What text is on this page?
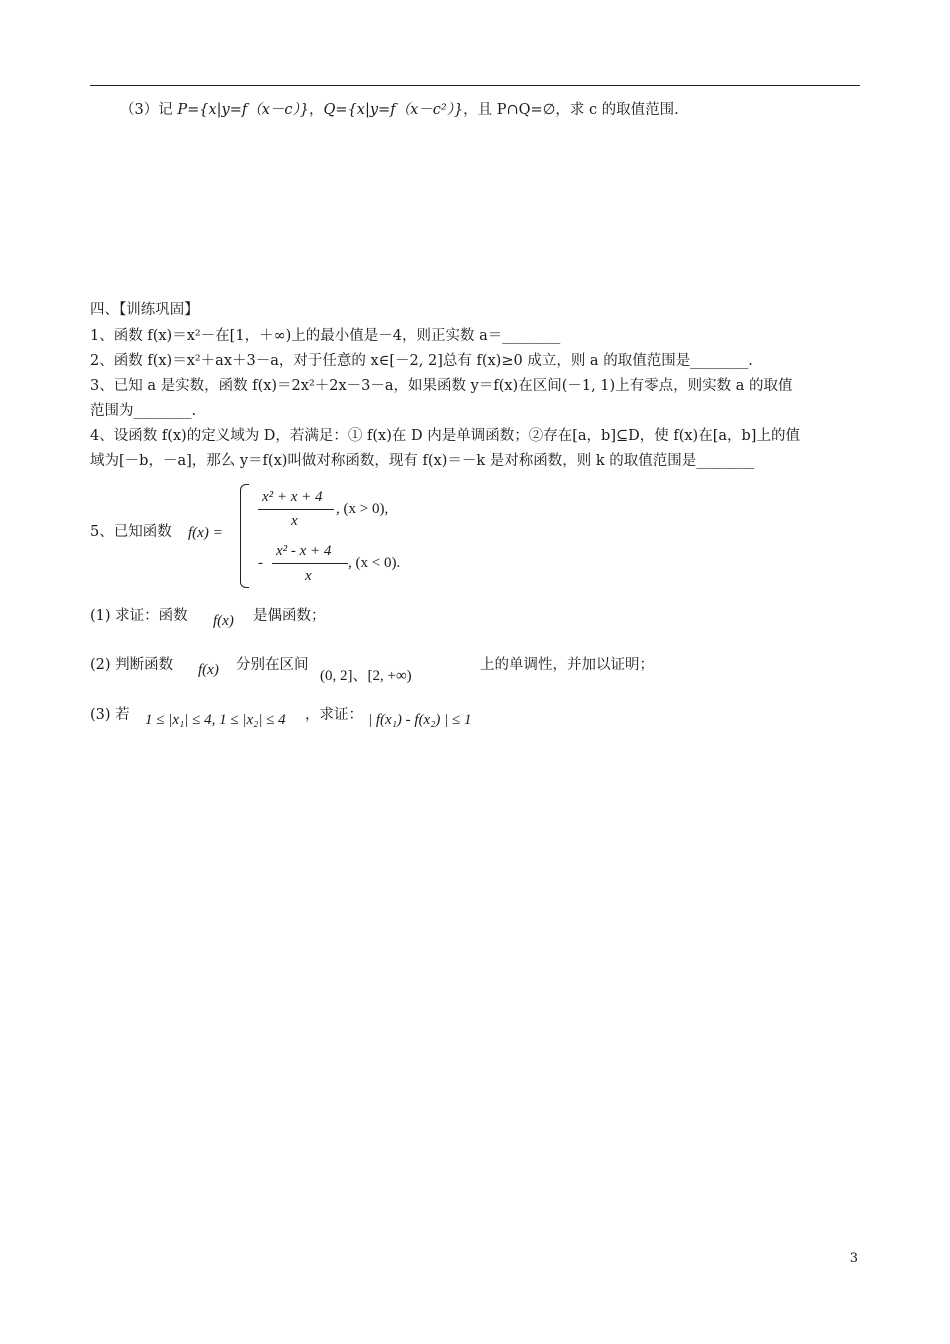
（3）记 P={x|y=f（x－c）}，Q={x|y=f（x－c²）}，且 P∩Q=∅，求 c 的取值范围.
四、【训练巩固】
1、函数 f(x)＝x²－在[1，＋∞)上的最小值是－4，则正实数 a＝________
2、函数 f(x)＝x²＋ax＋3－a，对于任意的 x∈[－2, 2]总有 f(x)≥0 成立，则 a 的取值范围是________.
3、已知 a 是实数，函数 f(x)＝2x²＋2x－3－a，如果函数 y＝f(x)在区间(－1, 1)上有零点，则实数 a 的取值
范围为________.
4、设函数 f(x)的定义域为 D，若满足：① f(x)在 D 内是单调函数；②存在[a，b]⊆D，使 f(x)在[a，b]上的值
域为[－b，－a]，那么 y＝f(x)叫做对称函数，现有 f(x)＝－k 是对称函数，则 k 的取值范围是________
5、已知函数 f(x) =
x² + x + 4
x
, (x > 0),
-
x² - x + 4
x
, (x < 0).
(1) 求证：函数 f(x) 是偶函数；
(2) 判断函数 f(x) 分别在区间
(0, 2]、[2, +∞)
上的单调性，并加以证明；
(3) 若 1 ≤ |x₁| ≤ 4, 1 ≤ |x₂| ≤ 4 ，求证： | f(x₁) - f(x₂) | ≤ 1
3
